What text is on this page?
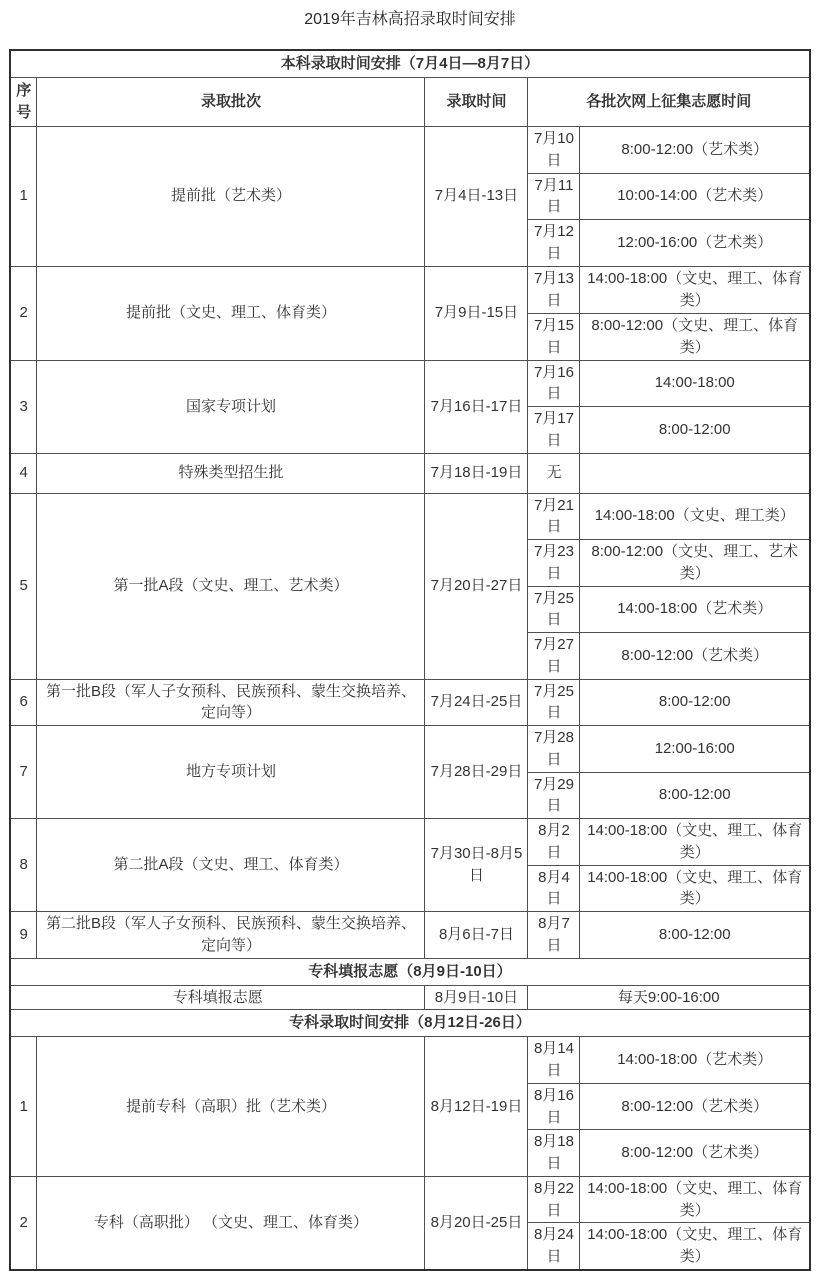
2019年吉林高招录取时间安排
本科录取时间安排（7月4日—8月7日）				
序号	录取批次	录取时间	各批次网上征集志愿时间	
1	提前批（艺术类）	7月4日-13日	7月10日	8:00-12:00（艺术类）
			7月11日	10:00-14:00（艺术类）
			7月12日	12:00-16:00（艺术类）
2	提前批（文史、理工、体育类）	7月9日-15日	7月13日	14:00-18:00（文史、理工、体育类）
			7月15日	8:00-12:00（文史、理工、体育类）
3	国家专项计划	7月16日-17日	7月16日	14:00-18:00
			7月17日	8:00-12:00
4	特殊类型招生批	7月18日-19日	无	
5	第一批A段（文史、理工、艺术类）	7月20日-27日	7月21日	14:00-18:00（文史、理工类）
			7月23日	8:00-12:00（文史、理工、艺术类）
			7月25日	14:00-18:00（艺术类）
			7月27日	8:00-12:00（艺术类）
6	第一批B段（军人子女预科、民族预科、蒙生交换培养、定向等）	7月24日-25日	7月25日	8:00-12:00
7	地方专项计划	7月28日-29日	7月28日	12:00-16:00
			7月29日	8:00-12:00
8	第二批A段（文史、理工、体育类）	7月30日-8月5日	8月2日	14:00-18:00（文史、理工、体育类）
			8月4日	14:00-18:00（文史、理工、体育类）
9	第二批B段（军人子女预科、民族预科、蒙生交换培养、定向等）	8月6日-7日	8月7日	8:00-12:00
专科填报志愿（8月9日-10日）				
专科填报志愿		8月9日-10日	每天9:00-16:00	
专科录取时间安排（8月12日-26日）				
1	提前专科（高职）批（艺术类）	8月12日-19日	8月14日	14:00-18:00（艺术类）
			8月16日	8:00-12:00（艺术类）
			8月18日	8:00-12:00（艺术类）
2	专科（高职批） （文史、理工、体育类）	8月20日-25日	8月22日	14:00-18:00（文史、理工、体育类）
			8月24日	14:00-18:00（文史、理工、体育类）
